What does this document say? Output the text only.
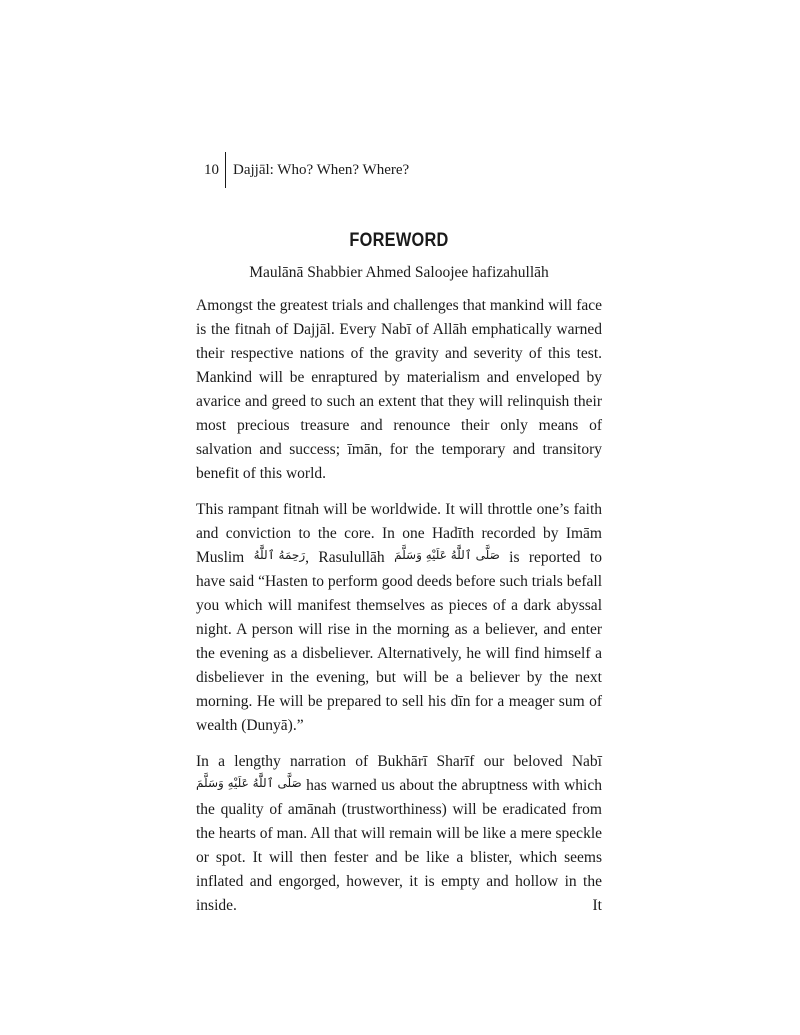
10 Dajjāl: Who? When? Where?
FOREWORD
Maulānā Shabbier Ahmed Saloojee hafizahullāh

Amongst the greatest trials and challenges that mankind will face is the fitnah of Dajjāl. Every Nabī of Allāh emphatically warned their respective nations of the gravity and severity of this test. Mankind will be enraptured by materialism and enveloped by avarice and greed to such an extent that they will relinquish their most precious treasure and renounce their only means of salvation and success; īmān, for the temporary and transitory benefit of this world.

This rampant fitnah will be worldwide. It will throttle one’s faith and conviction to the core. In one Hadīth recorded by Imām Muslim رَحِمَهُ ٱللَّٰهُ, Rasulullāh صَلَّى ٱللَّٰهُ عَلَيْهِ وَسَلَّمَ is reported to have said “Hasten to perform good deeds before such trials befall you which will manifest themselves as pieces of a dark abyssal night. A person will rise in the morning as a believer, and enter the evening as a disbeliever. Alternatively, he will find himself a disbeliever in the evening, but will be a believer by the next morning. He will be prepared to sell his dīn for a meager sum of wealth (Dunyā).”

In a lengthy narration of Bukhārī Sharīf our beloved Nabī صَلَّى ٱللَّٰهُ عَلَيْهِ وَسَلَّمَ has warned us about the abruptness with which the quality of amānah (trustworthiness) will be eradicated from the hearts of man. All that will remain will be like a mere speckle or spot. It will then fester and be like a blister, which seems inflated and engorged, however, it is empty and hollow in the inside. It
